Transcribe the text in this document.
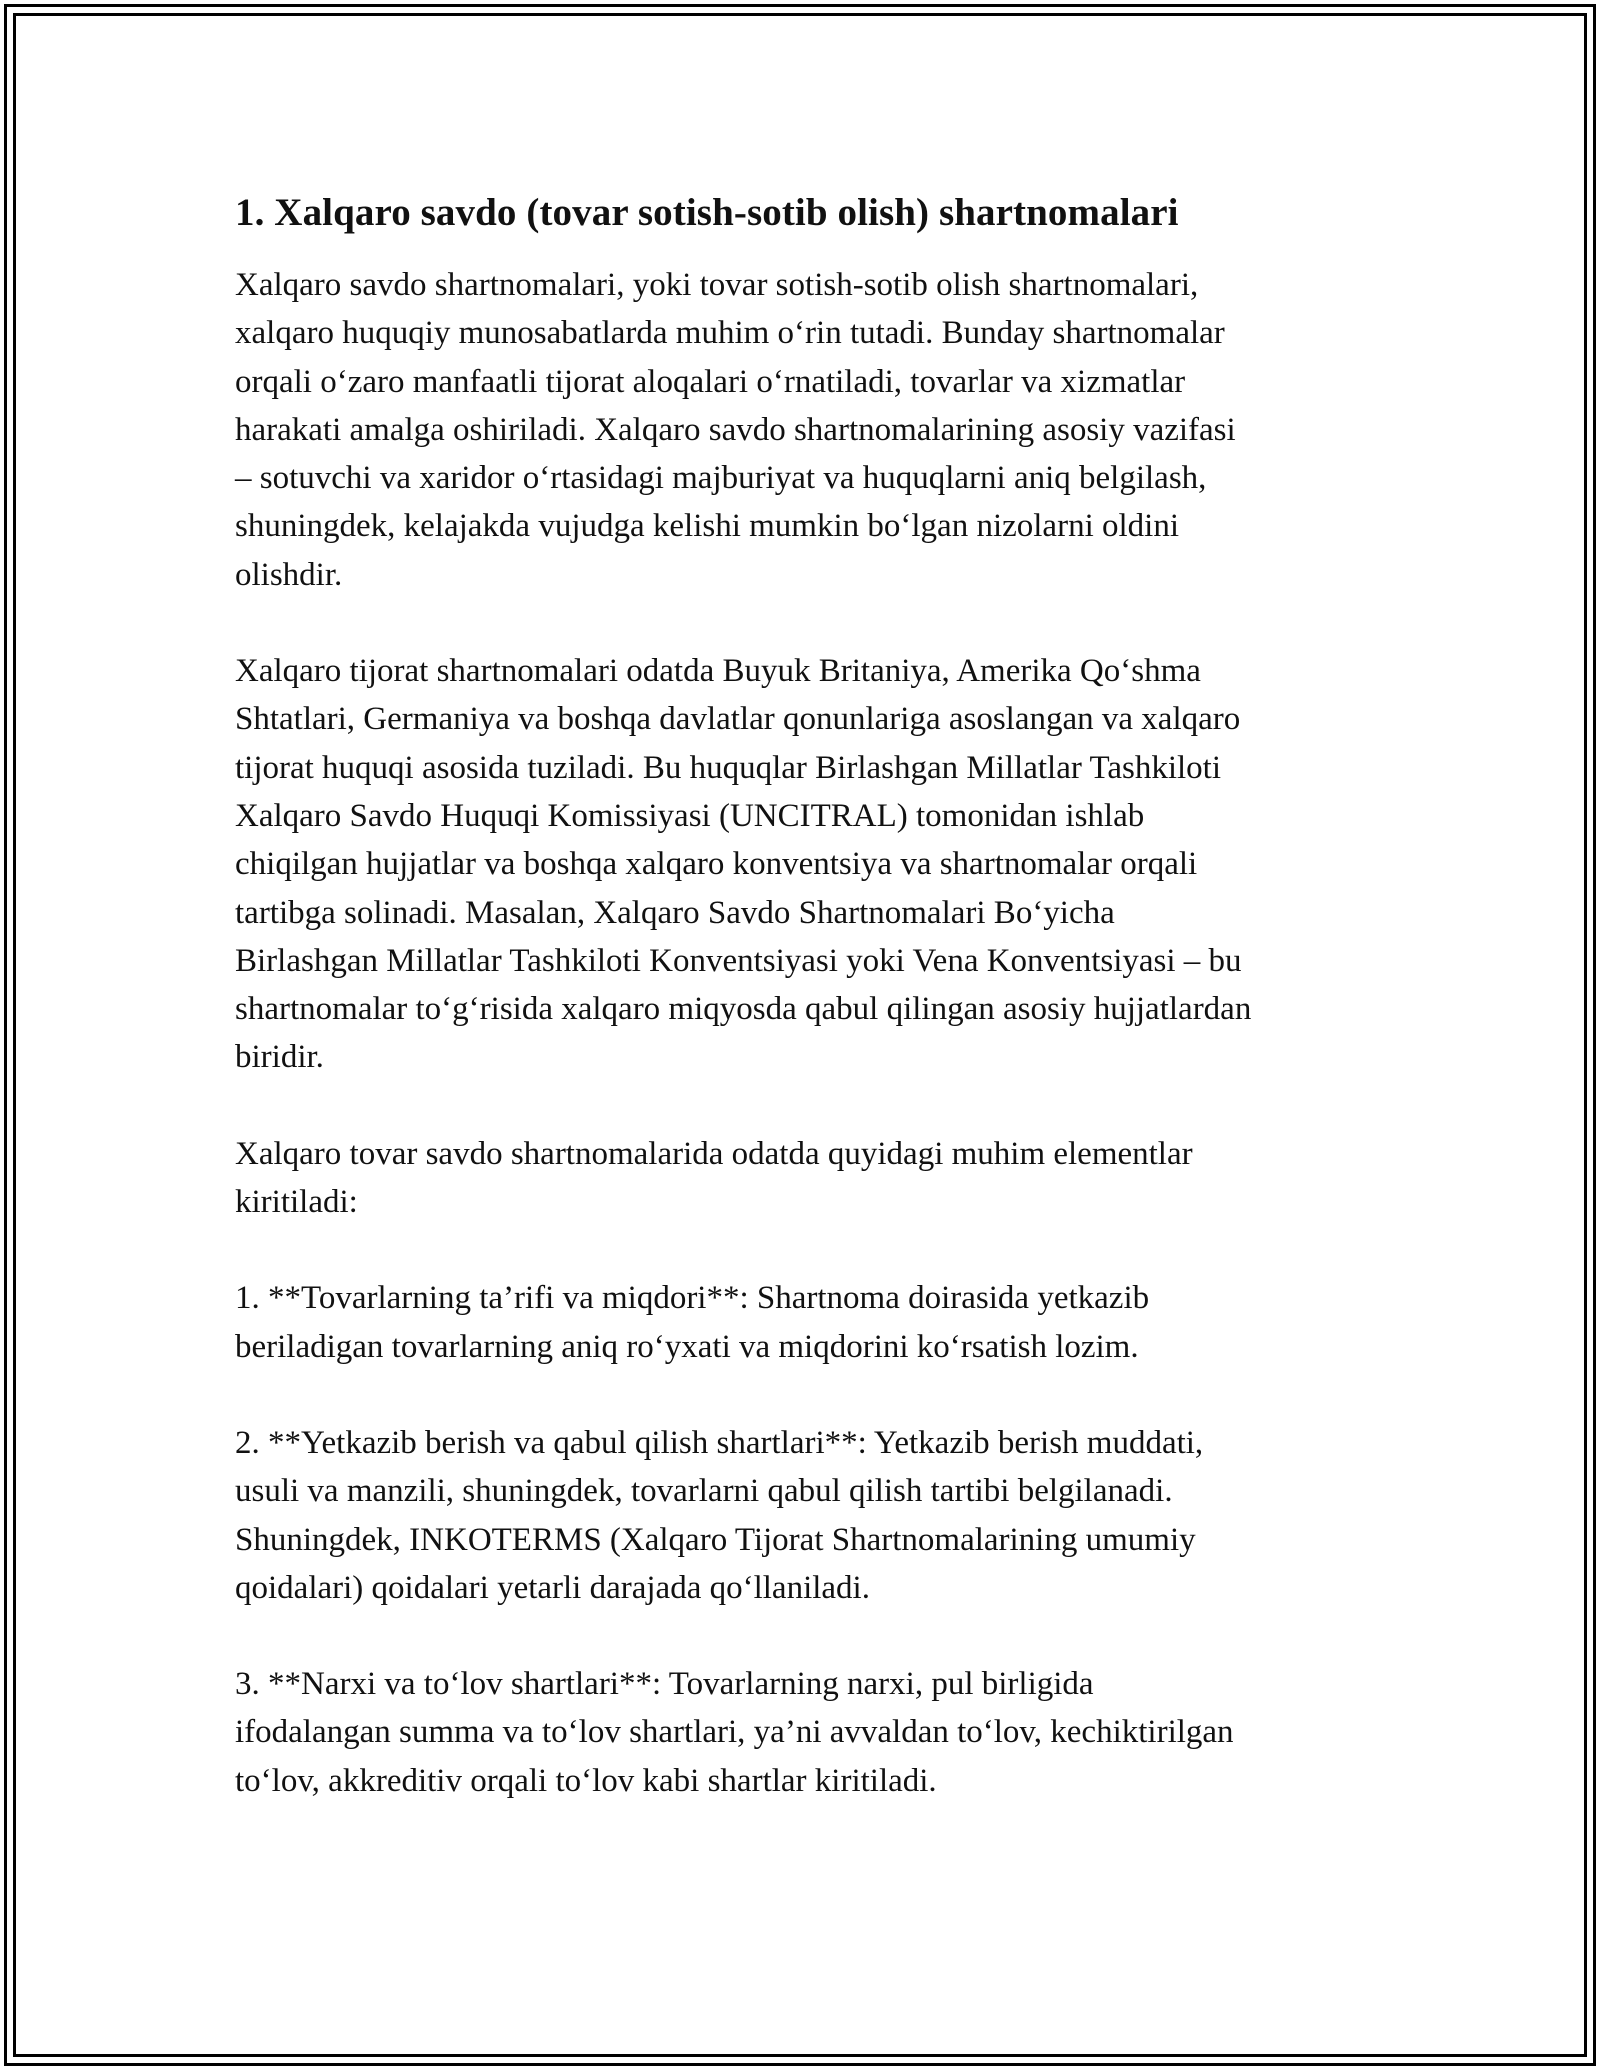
1. Xalqaro savdo (tovar sotish-sotib olish) shartnomalari

Xalqaro savdo shartnomalari, yoki tovar sotish-sotib olish shartnomalari,
xalqaro huquqiy munosabatlarda muhim o‘rin tutadi. Bunday shartnomalar
orqali o‘zaro manfaatli tijorat aloqalari o‘rnatiladi, tovarlar va xizmatlar
harakati amalga oshiriladi. Xalqaro savdo shartnomalarining asosiy vazifasi
– sotuvchi va xaridor o‘rtasidagi majburiyat va huquqlarni aniq belgilash,
shuningdek, kelajakda vujudga kelishi mumkin bo‘lgan nizolarni oldini
olishdir.

Xalqaro tijorat shartnomalari odatda Buyuk Britaniya, Amerika Qo‘shma
Shtatlari, Germaniya va boshqa davlatlar qonunlariga asoslangan va xalqaro
tijorat huquqi asosida tuziladi. Bu huquqlar Birlashgan Millatlar Tashkiloti
Xalqaro Savdo Huquqi Komissiyasi (UNCITRAL) tomonidan ishlab
chiqilgan hujjatlar va boshqa xalqaro konventsiya va shartnomalar orqali
tartibga solinadi. Masalan, Xalqaro Savdo Shartnomalari Bo‘yicha
Birlashgan Millatlar Tashkiloti Konventsiyasi yoki Vena Konventsiyasi – bu
shartnomalar to‘g‘risida xalqaro miqyosda qabul qilingan asosiy hujjatlardan
biridir.

Xalqaro tovar savdo shartnomalarida odatda quyidagi muhim elementlar
kiritiladi:

1. **Tovarlarning ta’rifi va miqdori**: Shartnoma doirasida yetkazib
beriladigan tovarlarning aniq ro‘yxati va miqdorini ko‘rsatish lozim.

2. **Yetkazib berish va qabul qilish shartlari**: Yetkazib berish muddati,
usuli va manzili, shuningdek, tovarlarni qabul qilish tartibi belgilanadi.
Shuningdek, INKOTERMS (Xalqaro Tijorat Shartnomalarining umumiy
qoidalari) qoidalari yetarli darajada qo‘llaniladi.

3. **Narxi va to‘lov shartlari**: Tovarlarning narxi, pul birligida
ifodalangan summa va to‘lov shartlari, ya’ni avvaldan to‘lov, kechiktirilgan
to‘lov, akkreditiv orqali to‘lov kabi shartlar kiritiladi.
